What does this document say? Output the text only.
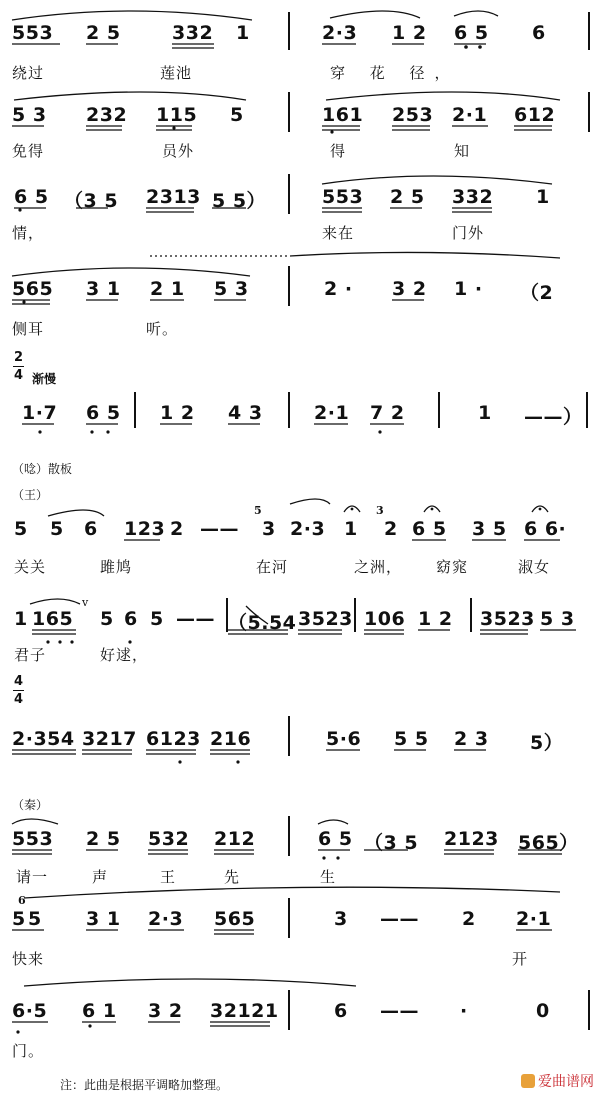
553 2 5	332 1	2·3 1 2 6 5 6
绕过	莲池	穿 花 径，
5 3 232 115 5	161 253 2·1 612
免得	员外	得	知
6 5 （3 5 2313 5 5）	553 2 5 332 1
情，	来在	门外
565 3 1 2 1 5 3	2 · 3 2 1 · （2
侧耳	听。
2
4 渐慢
1·7 6 5 1 2 4 3	2·1 7 2	1 ——）
（唸）散板
（王）
5 5 6 123 2 ——
5
3 2·3 1
3
2 6 5 3 5 6 6·
关关	雎鸠	在河	之洲， 窈窕	淑女
1 165
v
5 6 5 —— （5.54 3523 106 1 2 3523 5 3
君子	好逑，
4
4
2·354 3217 6123 216	5·6 5 5 2 3 5）
（秦）
553 2 5 532 212	6 5 （3 5 2123 565）
请一	声	王	先	生
6
5 5 3 1 2·3 565	3 —— 2 2·1
快来	开
6·5 6 1 3 2 32121	6 —— ·	0
门。
注：此曲是根据平调略加整理。	爱曲谱网
